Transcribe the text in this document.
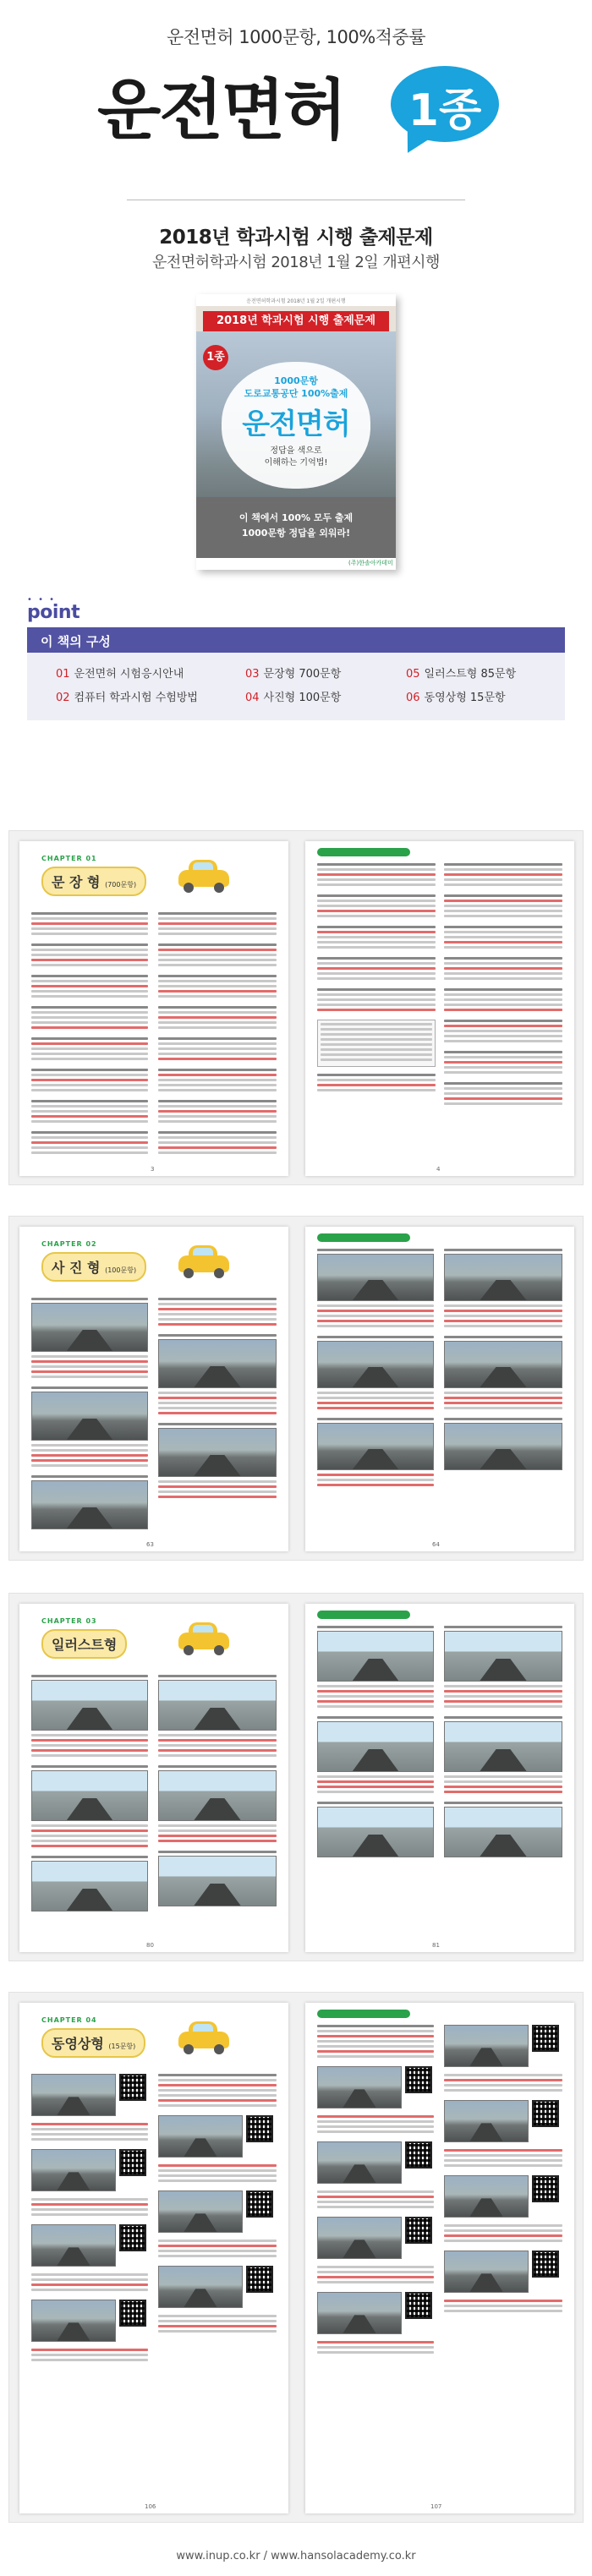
운전면허 1000문항, 100%적중률
운전면허	1종
2018년 학과시험 시행 출제문제
운전면허학과시험 2018년 1월 2일 개편시행
운전면허학과시험 2018년 1월 2일 개편시행
2018년 학과시험 시행 출제문제
1종
1000문항
도로교통공단 100%출제
운전면허
정답을 색으로
이해하는 기억법!
이 책에서 100% 모두 출제
1000문항 정답을 외워라!
(주)한솔아카데미
• • •
point
이 책의 구성
01 운전면허 시험응시안내
02 컴퓨터 학과시험 수험방법
03 문장형 700문항
04 사진형 100문항
05 일러스트형 85문항
06 동영상형 15문항
CHAPTER 01
문 장 형 (700문항)
3	4
CHAPTER 02
사 진 형 (100문항)
63	64
CHAPTER 03
일러스트형
80	81
CHAPTER 04
동영상형 (15문항)
106	107
www.inup.co.kr / www.hansolacademy.co.kr
